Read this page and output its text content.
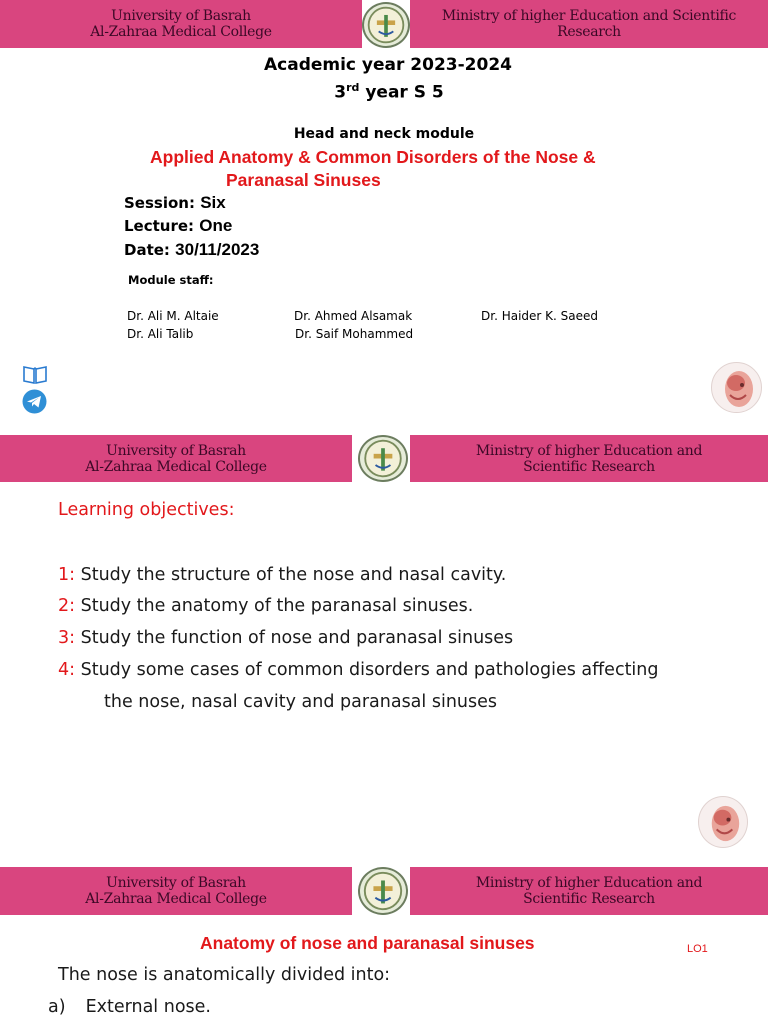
University of Basrah
Al-Zahraa Medical College
Ministry of higher Education and Scientific Research
Academic year 2023-2024
3rd year S 5
Head and neck module
Applied Anatomy & Common Disorders of the Nose &
Paranasal Sinuses
Session: Six
Lecture: One
Date: 30/11/2023
Module staff:
Dr. Ali M. Altaie	Dr. Ahmed Alsamak	Dr. Haider K. Saeed
Dr. Ali Talib	Dr. Saif Mohammed
University of Basrah
Al-Zahraa Medical College
Ministry of higher Education and
Scientific Research
Learning objectives:
1: Study the structure of the nose and nasal cavity.
2: Study the anatomy of the paranasal sinuses.
3: Study the function of nose and paranasal sinuses
4: Study some cases of common disorders and pathologies affecting
the nose, nasal cavity and paranasal sinuses
University of Basrah
Al-Zahraa Medical College
Ministry of higher Education and
Scientific Research
Anatomy of nose and paranasal sinuses	LO1
The nose is anatomically divided into:
a) External nose.
